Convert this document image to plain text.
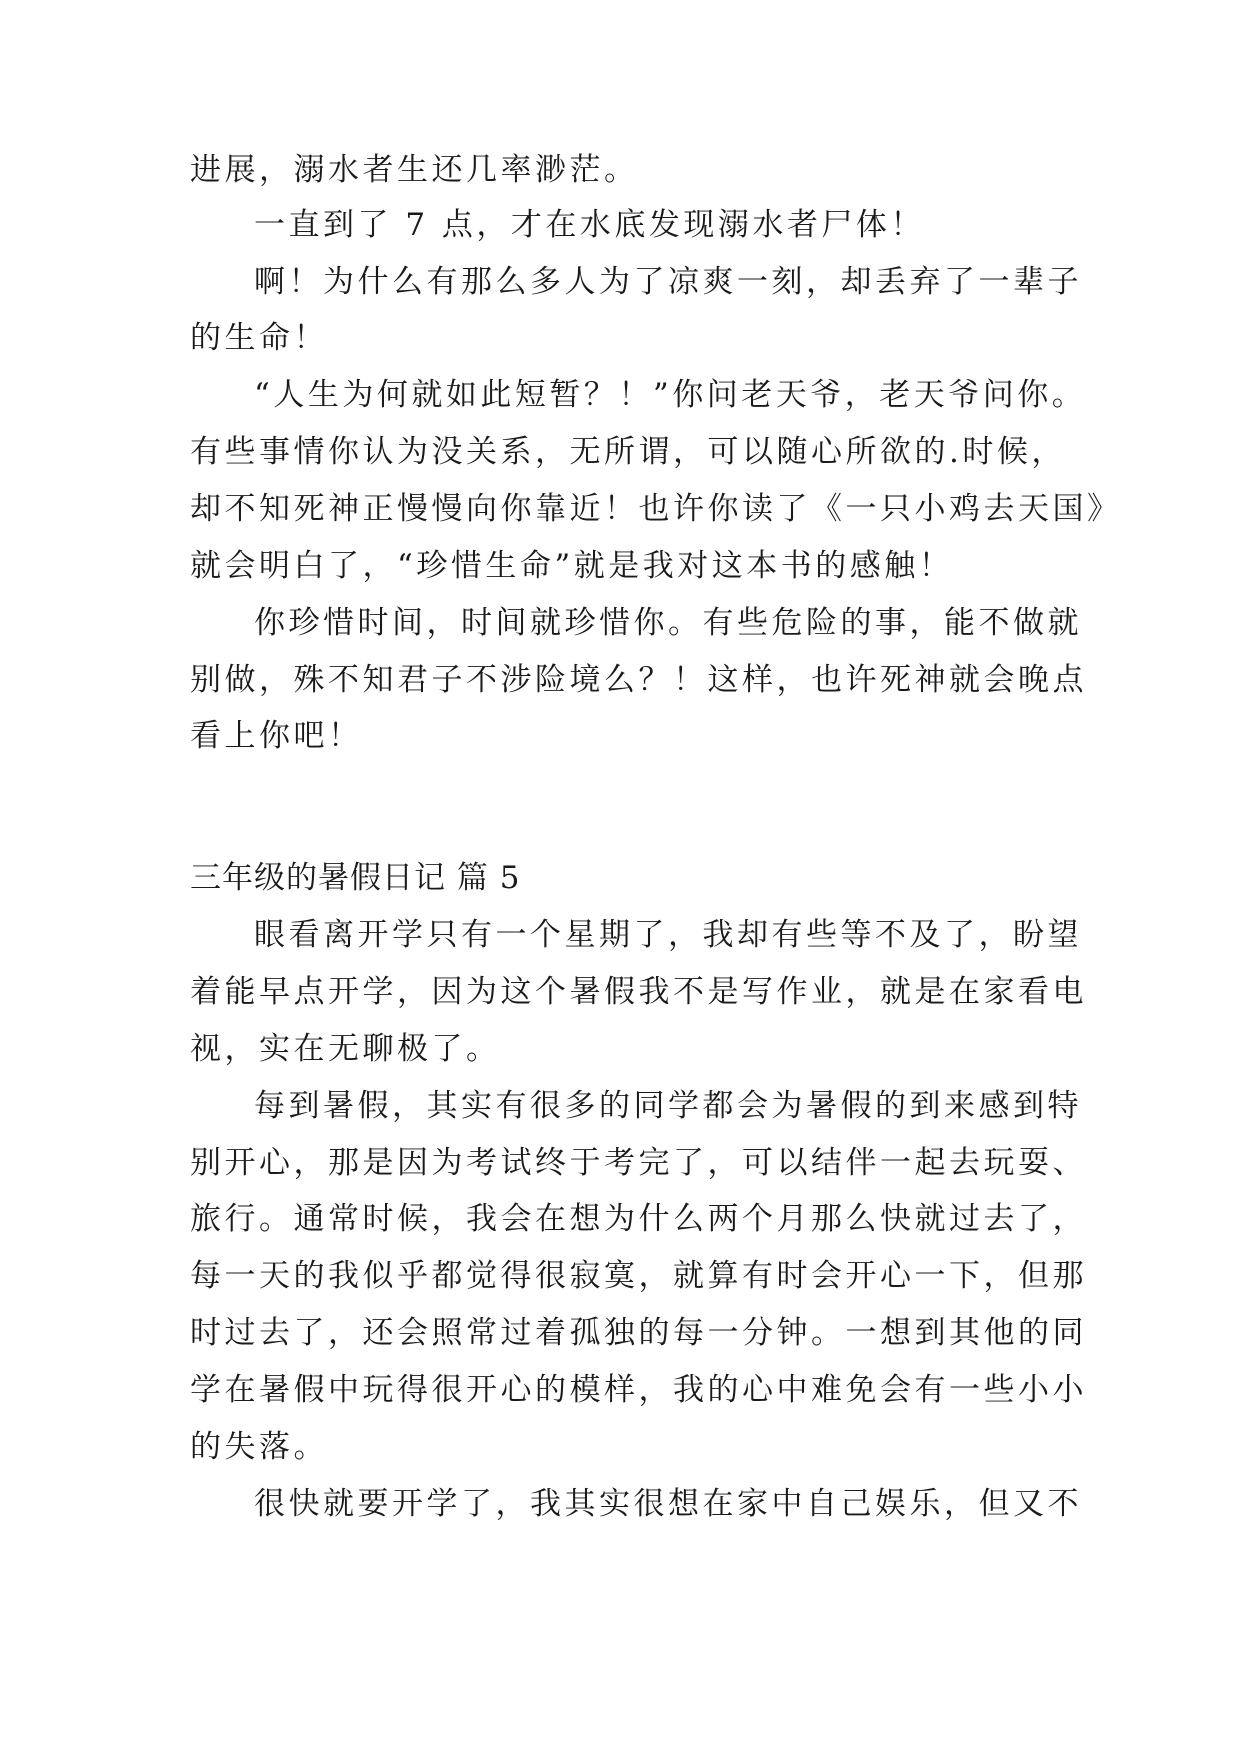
进展，溺水者生还几率渺茫。
一直到了 7 点，才在水底发现溺水者尸体！
啊！为什么有那么多人为了凉爽一刻，却丢弃了一辈子
的生命！
“人生为何就如此短暂？！”你问老天爷，老天爷问你。
有些事情你认为没关系，无所谓，可以随心所欲的.时候，
却不知死神正慢慢向你靠近！也许你读了《一只小鸡去天国》
就会明白了，“珍惜生命”就是我对这本书的感触！
你珍惜时间，时间就珍惜你。有些危险的事，能不做就
别做，殊不知君子不涉险境么？！这样，也许死神就会晚点
看上你吧！
三年级的暑假日记 篇 5
眼看离开学只有一个星期了，我却有些等不及了，盼望
着能早点开学，因为这个暑假我不是写作业，就是在家看电
视，实在无聊极了。
每到暑假，其实有很多的同学都会为暑假的到来感到特
别开心，那是因为考试终于考完了，可以结伴一起去玩耍、
旅行。通常时候，我会在想为什么两个月那么快就过去了，
每一天的我似乎都觉得很寂寞，就算有时会开心一下，但那
时过去了，还会照常过着孤独的每一分钟。一想到其他的同
学在暑假中玩得很开心的模样，我的心中难免会有一些小小
的失落。
很快就要开学了，我其实很想在家中自己娱乐，但又不
